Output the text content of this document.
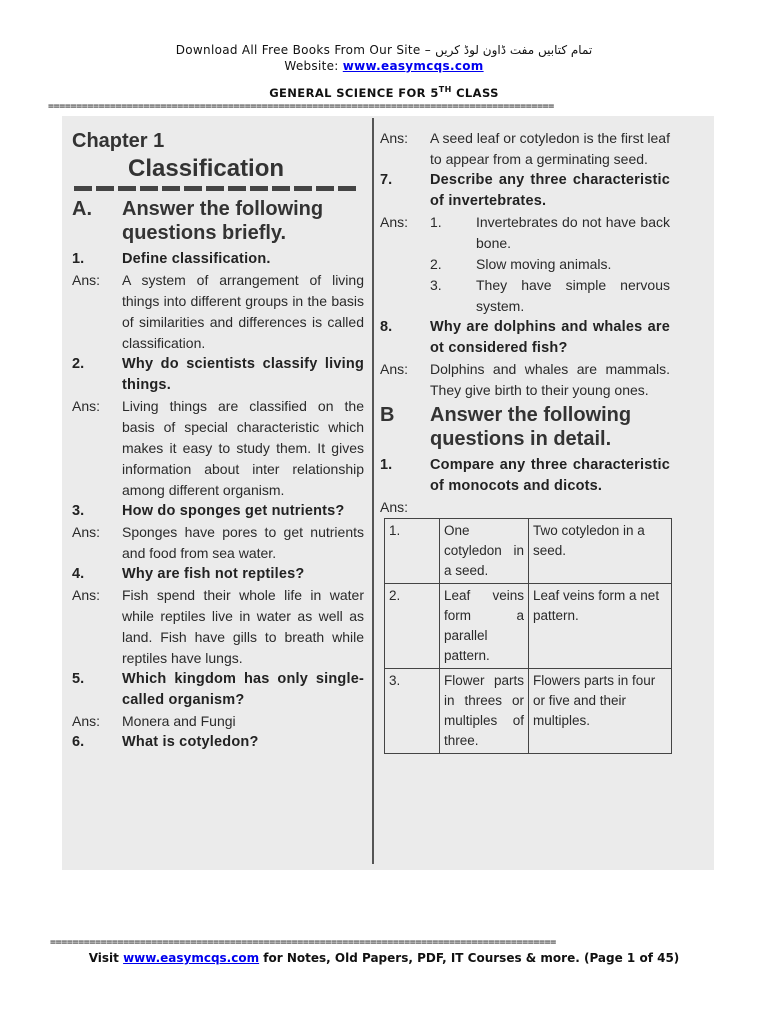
Download All Free Books From Our Site – تمام کتابیں مفت ڈاون لوڈ کریں
Website: www.easymcqs.com
GENERAL SCIENCE FOR 5TH CLASS
==========================================================================================
Chapter 1
Classification
A.	Answer the following questions briefly.
1.	Define classification.
Ans:	A system of arrangement of living things into different groups in the basis of similarities and differences is called classification.
2.	Why do scientists classify living things.
Ans:	Living things are classified on the basis of special characteristic which makes it easy to study them. It gives information about inter relationship among different organism.
3.	How do sponges get nutrients?
Ans:	Sponges have pores to get nutrients and food from sea water.
4.	Why are fish not reptiles?
Ans:	Fish spend their whole life in water while reptiles live in water as well as land. Fish have gills to breath while reptiles have lungs.
5.	Which kingdom has only single-called organism?
Ans:	Monera and Fungi
6.	What is cotyledon?
Ans:	A seed leaf or cotyledon is the first leaf to appear from a germinating seed.
7.	Describe any three characteristic of invertebrates.
Ans:	1.	Invertebrates do not have back bone.
2.	Slow moving animals.
3.	They have simple nervous system.
8.	Why are dolphins and whales are ot considered fish?
Ans:	Dolphins and whales are mammals. They give birth to their young ones.
B	Answer the following questions in detail.
1.	Compare any three characteristic of monocots and dicots.
Ans:
1.	One cotyledon in a seed.	Two cotyledon in a seed.
2.	Leaf veins form a parallel pattern.	Leaf veins form a net pattern.
3.	Flower parts in threes or multiples of three.	Flowers parts in four or five and their multiples.
==========================================================================================
Visit www.easymcqs.com for Notes, Old Papers, PDF, IT Courses & more. (Page 1 of 45)
